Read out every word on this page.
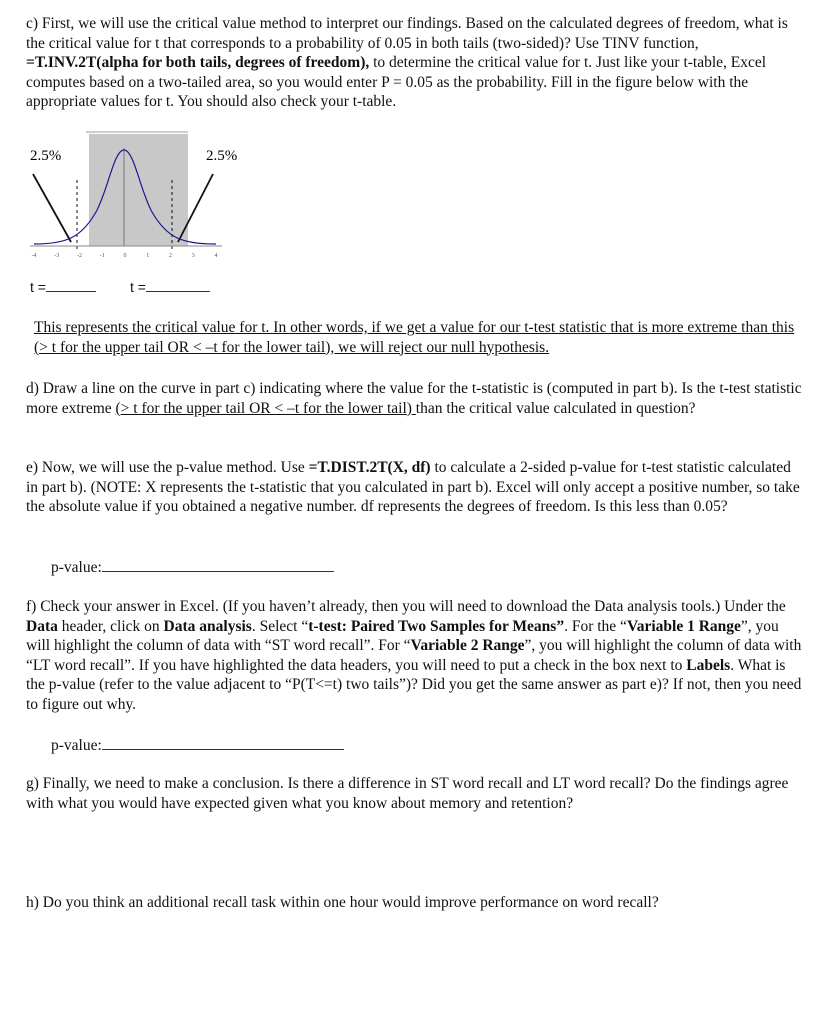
c) First, we will use the critical value method to interpret our findings. Based on the calculated degrees of freedom, what is the critical value for t that corresponds to a probability of 0.05 in both tails (two-sided)? Use TINV function, =T.INV.2T(alpha for both tails, degrees of freedom), to determine the critical value for t. Just like your t-table, Excel computes based on a two-tailed area, so you would enter P = 0.05 as the probability. Fill in the figure below with the appropriate values for t. You should also check your t-table.

-4	-3	-2	-1	0	1	2	3	4
2.5%	2.5%
t =	t =

This represents the critical value for t. In other words, if we get a value for our t-test statistic that is more extreme than this (> t for the upper tail OR < –t for the lower tail), we will reject our null hypothesis.

d) Draw a line on the curve in part c) indicating where the value for the t-statistic is (computed in part b). Is the t-test statistic more extreme (> t for the upper tail OR < –t for the lower tail) than the critical value calculated in question?

e) Now, we will use the p-value method. Use =T.DIST.2T(X, df) to calculate a 2-sided p-value for t-test statistic calculated in part b). (NOTE: X represents the t-statistic that you calculated in part b). Excel will only accept a positive number, so take the absolute value if you obtained a negative number. df represents the degrees of freedom. Is this less than 0.05?

p-value:

f) Check your answer in Excel. (If you haven’t already, then you will need to download the Data analysis tools.) Under the Data header, click on Data analysis. Select “t-test: Paired Two Samples for Means”. For the “Variable 1 Range”, you will highlight the column of data with “ST word recall”. For “Variable 2 Range”, you will highlight the column of data with “LT word recall”. If you have highlighted the data headers, you will need to put a check in the box next to Labels. What is the p-value (refer to the value adjacent to “P(T<=t) two tails”)? Did you get the same answer as part e)? If not, then you need to figure out why.

p-value:

g) Finally, we need to make a conclusion. Is there a difference in ST word recall and LT word recall? Do the findings agree with what you would have expected given what you know about memory and retention?

h) Do you think an additional recall task within one hour would improve performance on word recall?
